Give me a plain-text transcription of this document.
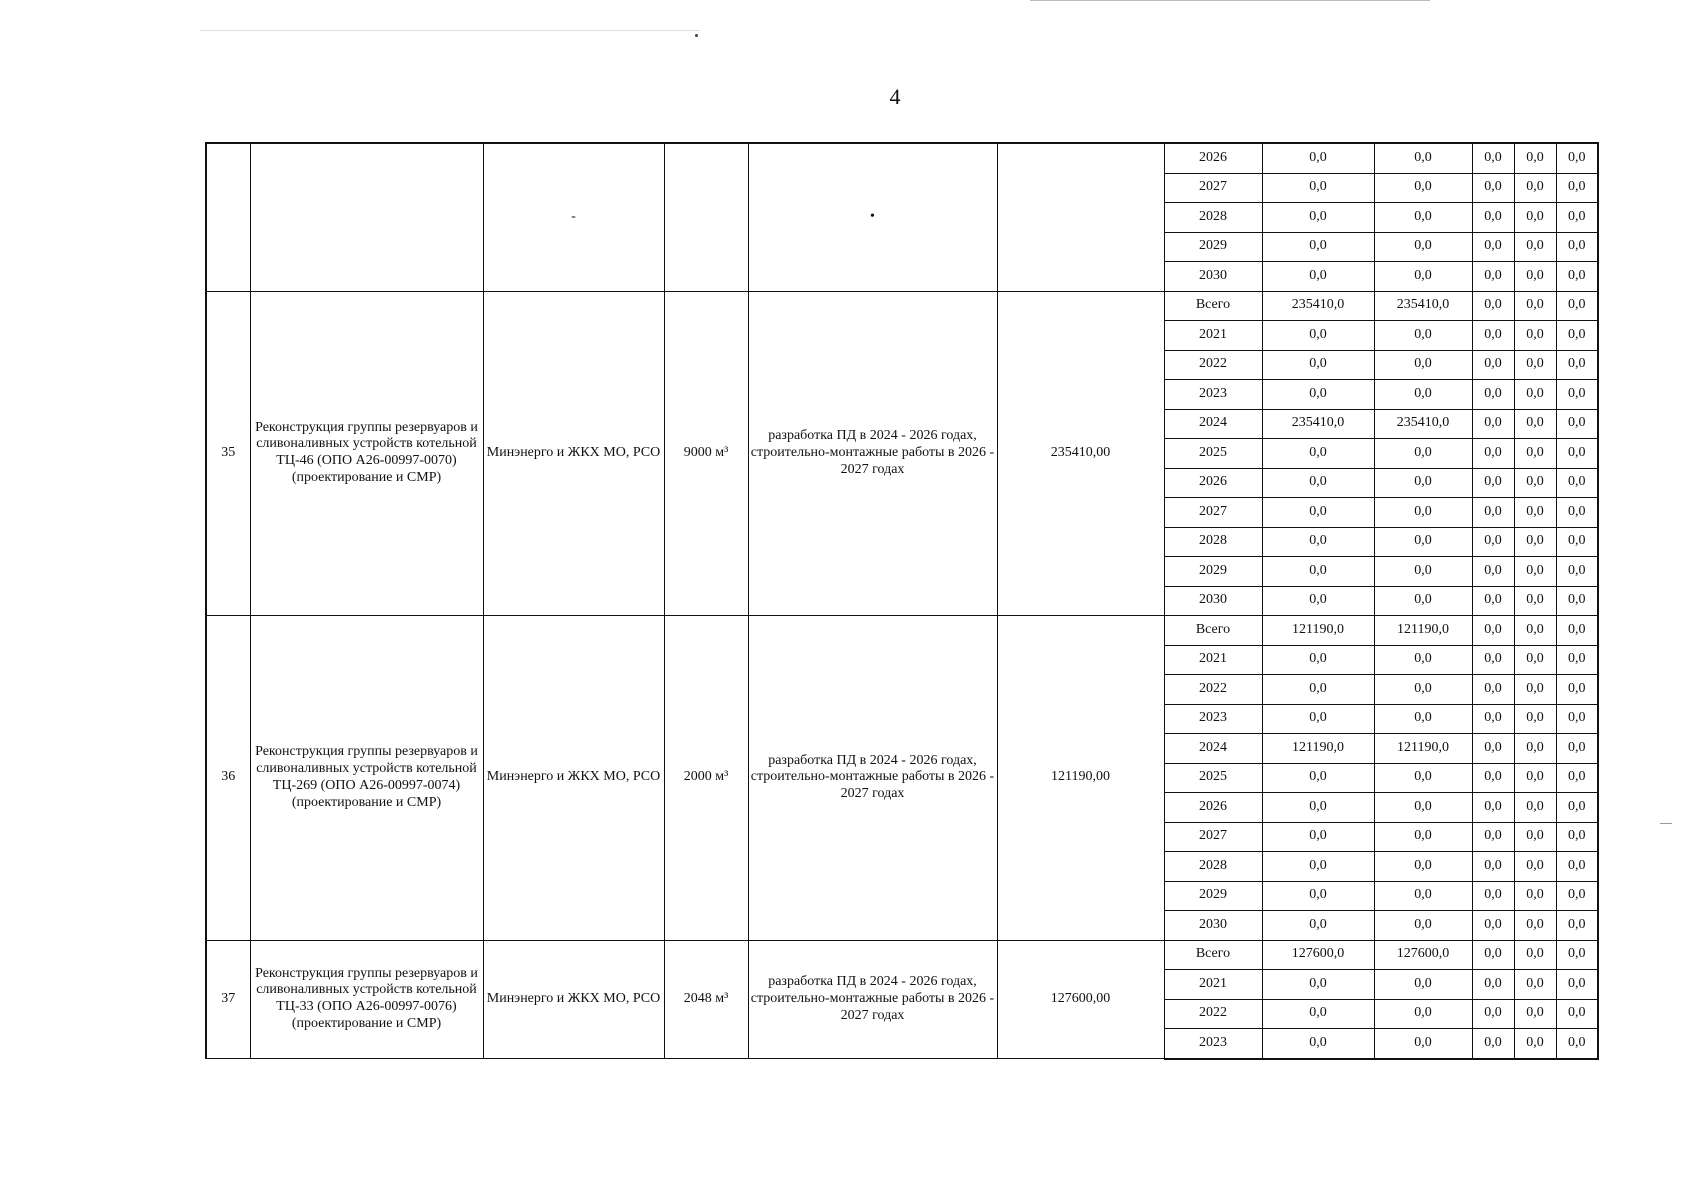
4
		-		•		2026	0,0	0,0	0,0	0,0	0,0
						2027	0,0	0,0	0,0	0,0	0,0
						2028	0,0	0,0	0,0	0,0	0,0
						2029	0,0	0,0	0,0	0,0	0,0
						2030	0,0	0,0	0,0	0,0	0,0
35	Реконструкция группы резервуаров и сливоналивных устройств котельной ТЦ-46 (ОПО А26-00997-0070) (проектирование и СМР)	Минэнерго и ЖКХ МО, РСО	9000 м³	разработка ПД в 2024 - 2026 годах, строительно-монтажные работы в 2026 - 2027 годах	235410,00	Всего	235410,0	235410,0	0,0	0,0	0,0
						2021	0,0	0,0	0,0	0,0	0,0
						2022	0,0	0,0	0,0	0,0	0,0
						2023	0,0	0,0	0,0	0,0	0,0
						2024	235410,0	235410,0	0,0	0,0	0,0
						2025	0,0	0,0	0,0	0,0	0,0
						2026	0,0	0,0	0,0	0,0	0,0
						2027	0,0	0,0	0,0	0,0	0,0
						2028	0,0	0,0	0,0	0,0	0,0
						2029	0,0	0,0	0,0	0,0	0,0
						2030	0,0	0,0	0,0	0,0	0,0
36	Реконструкция группы резервуаров и сливоналивных устройств котельной ТЦ-269 (ОПО А26-00997-0074) (проектирование и СМР)	Минэнерго и ЖКХ МО, РСО	2000 м³	разработка ПД в 2024 - 2026 годах, строительно-монтажные работы в 2026 - 2027 годах	121190,00	Всего	121190,0	121190,0	0,0	0,0	0,0
						2021	0,0	0,0	0,0	0,0	0,0
						2022	0,0	0,0	0,0	0,0	0,0
						2023	0,0	0,0	0,0	0,0	0,0
						2024	121190,0	121190,0	0,0	0,0	0,0
						2025	0,0	0,0	0,0	0,0	0,0
						2026	0,0	0,0	0,0	0,0	0,0
						2027	0,0	0,0	0,0	0,0	0,0
						2028	0,0	0,0	0,0	0,0	0,0
						2029	0,0	0,0	0,0	0,0	0,0
						2030	0,0	0,0	0,0	0,0	0,0
37	Реконструкция группы резервуаров и сливоналивных устройств котельной ТЦ-33 (ОПО А26-00997-0076) (проектирование и СМР)	Минэнерго и ЖКХ МО, РСО	2048 м³	разработка ПД в 2024 - 2026 годах, строительно-монтажные работы в 2026 - 2027 годах	127600,00	Всего	127600,0	127600,0	0,0	0,0	0,0
						2021	0,0	0,0	0,0	0,0	0,0
						2022	0,0	0,0	0,0	0,0	0,0
						2023	0,0	0,0	0,0	0,0	0,0
